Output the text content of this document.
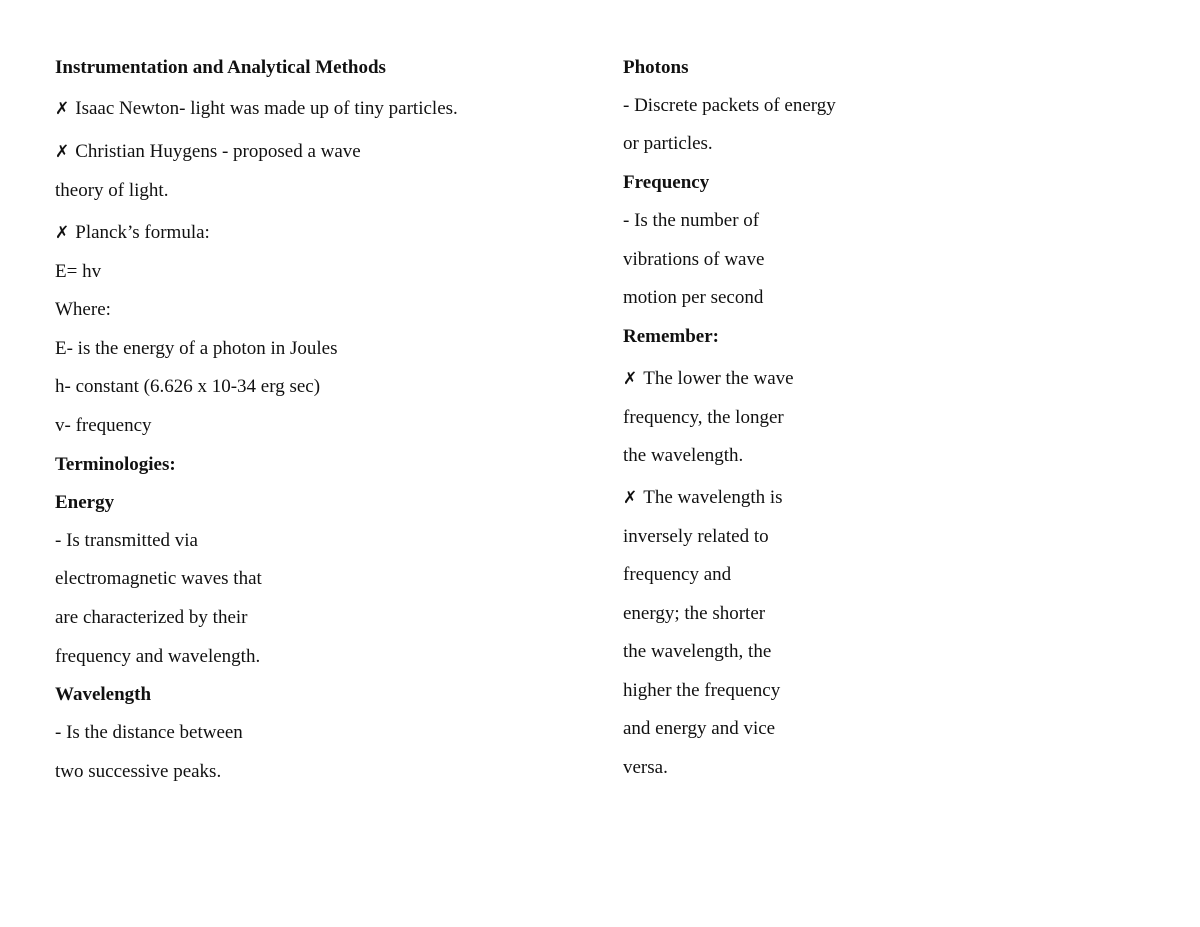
Instrumentation and Analytical Methods
✗ Isaac Newton- light was made up of tiny particles.
✗ Christian Huygens - proposed a wave
theory of light.
✗ Planck’s formula:
E= hv
Where:
E- is the energy of a photon in Joules
h- constant (6.626 x 10-34 erg sec)
v- frequency
Terminologies:
Energy
- Is transmitted via
electromagnetic waves that
are characterized by their
frequency and wavelength.
Wavelength
- Is the distance between
two successive peaks.
Photons
- Discrete packets of energy
or particles.
Frequency
- Is the number of
vibrations of wave
motion per second
Remember:
✗ The lower the wave
frequency, the longer
the wavelength.
✗ The wavelength is
inversely related to
frequency and
energy; the shorter
the wavelength, the
higher the frequency
and energy and vice
versa.
